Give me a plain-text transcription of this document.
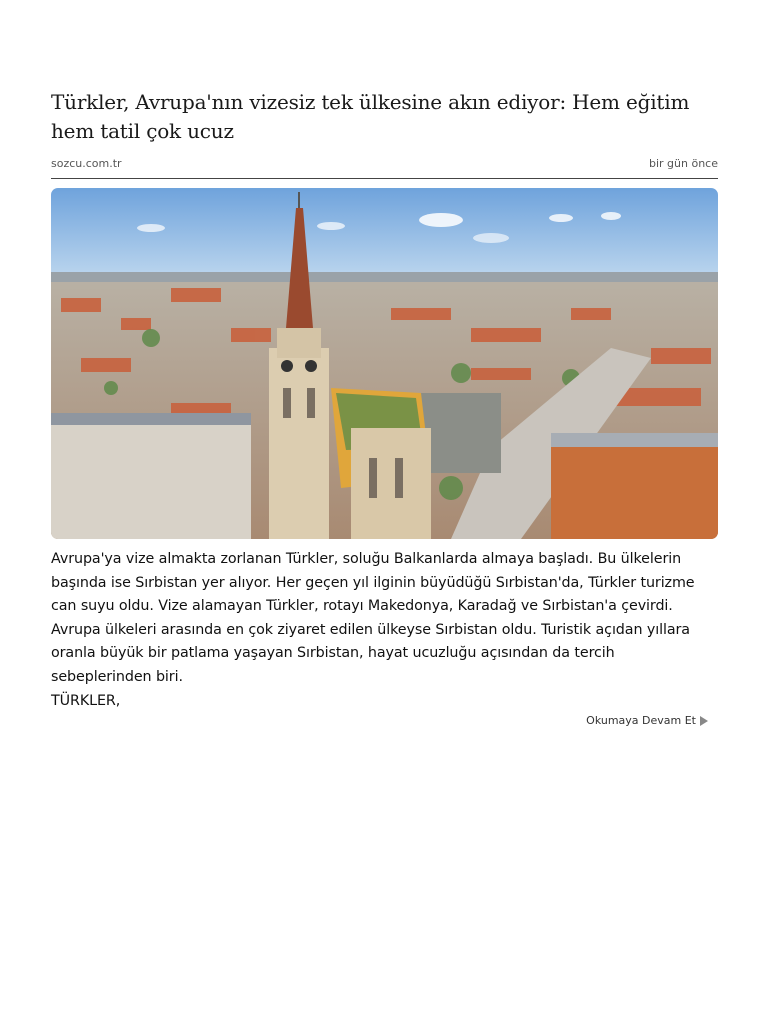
Türkler, Avrupa'nın vizesiz tek ülkesine akın ediyor: Hem eğitim hem tatil çok ucuz
sozcu.com.tr	bir gün önce

Avrupa'ya vize almakta zorlanan Türkler, soluğu Balkanlarda almaya başladı. Bu ülkelerin başında ise Sırbistan yer alıyor. Her geçen yıl ilginin büyüdüğü Sırbistan'da, Türkler turizme can suyu oldu. Vize alamayan Türkler, rotayı Makedonya, Karadağ ve Sırbistan'a çevirdi. Avrupa ülkeleri arasında en çok ziyaret edilen ülkeyse Sırbistan oldu. Turistik açıdan yıllara oranla büyük bir patlama yaşayan Sırbistan, hayat ucuzluğu açısından da tercih sebeplerinden biri.

TÜRKLER,

Okumaya Devam Et
